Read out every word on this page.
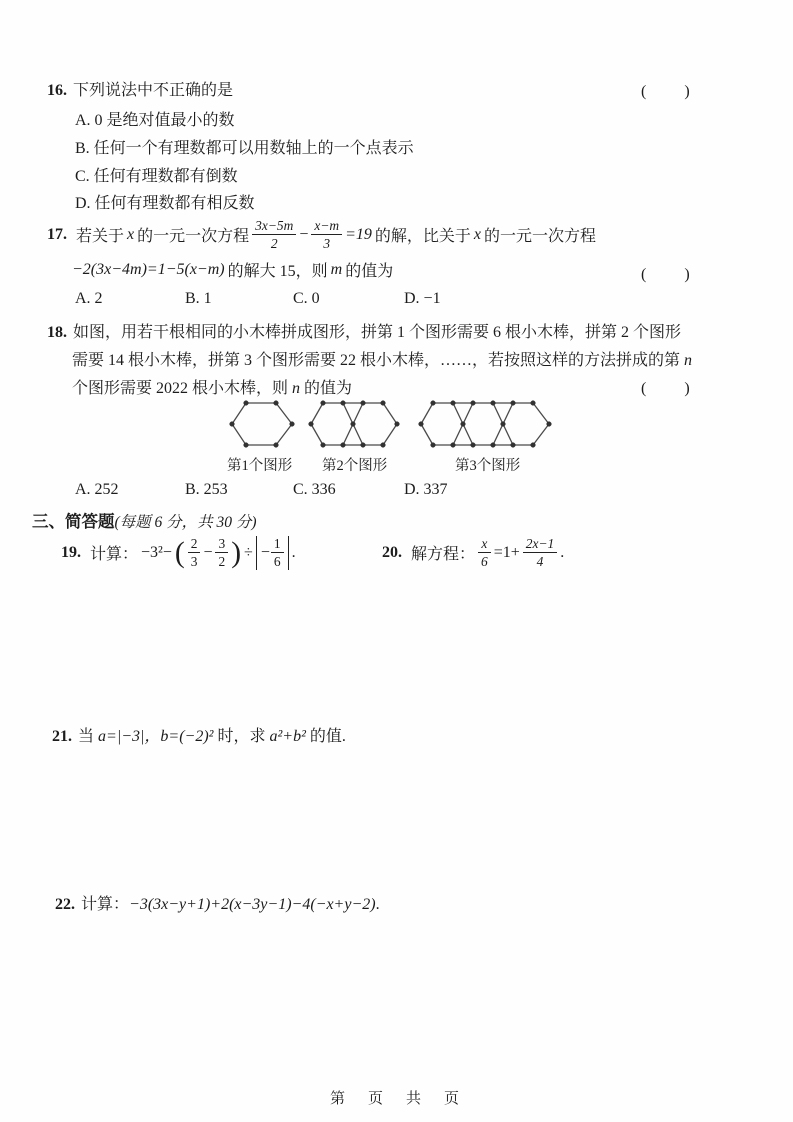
16. 下列说法中不正确的是	(　　)
A. 0 是绝对值最小的数
B. 任何一个有理数都可以用数轴上的一个点表示
C. 任何有理数都有倒数
D. 任何有理数都有相反数
17. 若关于 x 的一元一次方程 $\frac{3x-5m}{2} - \frac{x-m}{3} =19$ 的解，比关于 x 的一元一次方程
−2(3x−4m)=1−5(x−m) 的解大 15，则 m 的值为	(　　)
A. 2	B. 1	C. 0	D. −1
18. 如图，用若干根相同的小木棒拼成图形，拼第 1 个图形需要 6 根小木棒，拼第 2 个图形
需要 14 根小木棒，拼第 3 个图形需要 22 根小木棒，……，若按照这样的方法拼成的第 n
个图形需要 2022 根小木棒，则 n 的值为	(　　)
第1个图形 第2个图形	第3个图形
A. 252	B. 253	C. 336	D. 337
三、简答题(每题 6 分，共 30 分)
19. 计算： −3²− ( $\frac{2}{3} - \frac{3}{2}$ ) ÷ − $\frac{1}{6}$ .	20. 解方程： $\frac{x}{6} =1+ \frac{2x-1}{4}$ .
21. 当 a=|−3|，b=(−2)² 时，求 a²+b² 的值.
22. 计算：−3(3x−y+1)+2(x−3y−1)−4(−x+y−2).
第　页　共　页
